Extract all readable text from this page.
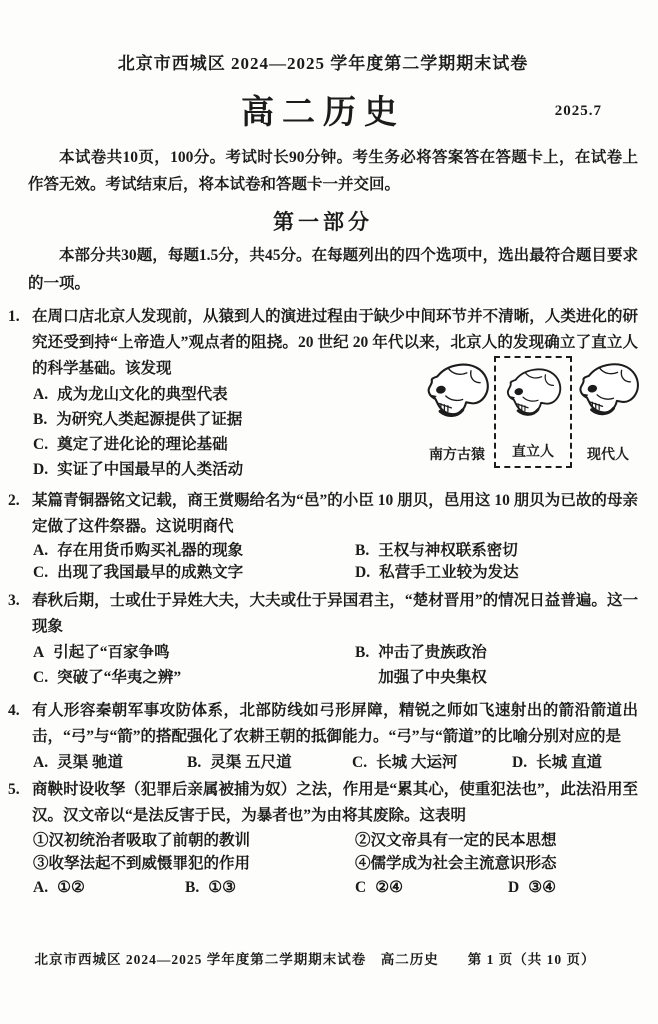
北京市西城区 2024—2025 学年度第二学期期末试卷
高二历史	2025.7

本试卷共10页，100分。考试时长90分钟。考生务必将答案答在答题卡上，在试卷上作答无效。考试结束后，将本试卷和答题卡一并交回。

第一部分

本部分共30题，每题1.5分，共45分。在每题列出的四个选项中，选出最符合题目要求的一项。

1. 在周口店北京人发现前，从猿到人的演进过程由于缺少中间环节并不清晰，人类进化的研究还受到持“上帝造人”观点者的阻挠。20 世纪 20 年代以来，北京人的发现确立了直立人的科学基础。该发现

A. 成为龙山文化的典型代表
B. 为研究人类起源提供了证据
C. 奠定了进化论的理论基础
D. 实证了中国最早的人类活动
南方古猿 直立人 现代人
2. 某篇青铜器铭文记载，商王赏赐给名为“邑”的小臣 10 朋贝，邑用这 10 朋贝为已故的母亲定做了这件祭器。这说明商代

A. 存在用货币购买礼器的现象	B. 王权与神权联系密切
C. 出现了我国最早的成熟文字	D. 私营手工业较为发达
3. 春秋后期，士或仕于异姓大夫，大夫或仕于异国君主，“楚材晋用”的情况日益普遍。这一现象

A 引起了“百家争鸣	B. 冲击了贵族政治
C. 突破了“华夷之辨”	加强了中央集权
4. 有人形容秦朝军事攻防体系，北部防线如弓形屏障，精锐之师如飞速射出的箭沿箭道出击，“弓”与“箭”的搭配强化了农耕王朝的抵御能力。“弓”与“箭道”的比喻分别对应的是

A. 灵渠 驰道	B. 灵渠 五尺道	C. 长城 大运河	D. 长城 直道
5. 商鞅时设收孥（犯罪后亲属被捕为奴）之法，作用是“累其心，使重犯法也”，此法沿用至汉。汉文帝以“是法反害于民，为暴者也”为由将其废除。这表明

①汉初统治者吸取了前朝的教训	②汉文帝具有一定的民本思想
③收孥法起不到威慑罪犯的作用	④儒学成为社会主流意识形态
A. ①②	B. ①③	C ②④	D ③④
北京市西城区 2024—2025 学年度第二学期期末试卷　高二历史　　第 1 页（共 10 页）
